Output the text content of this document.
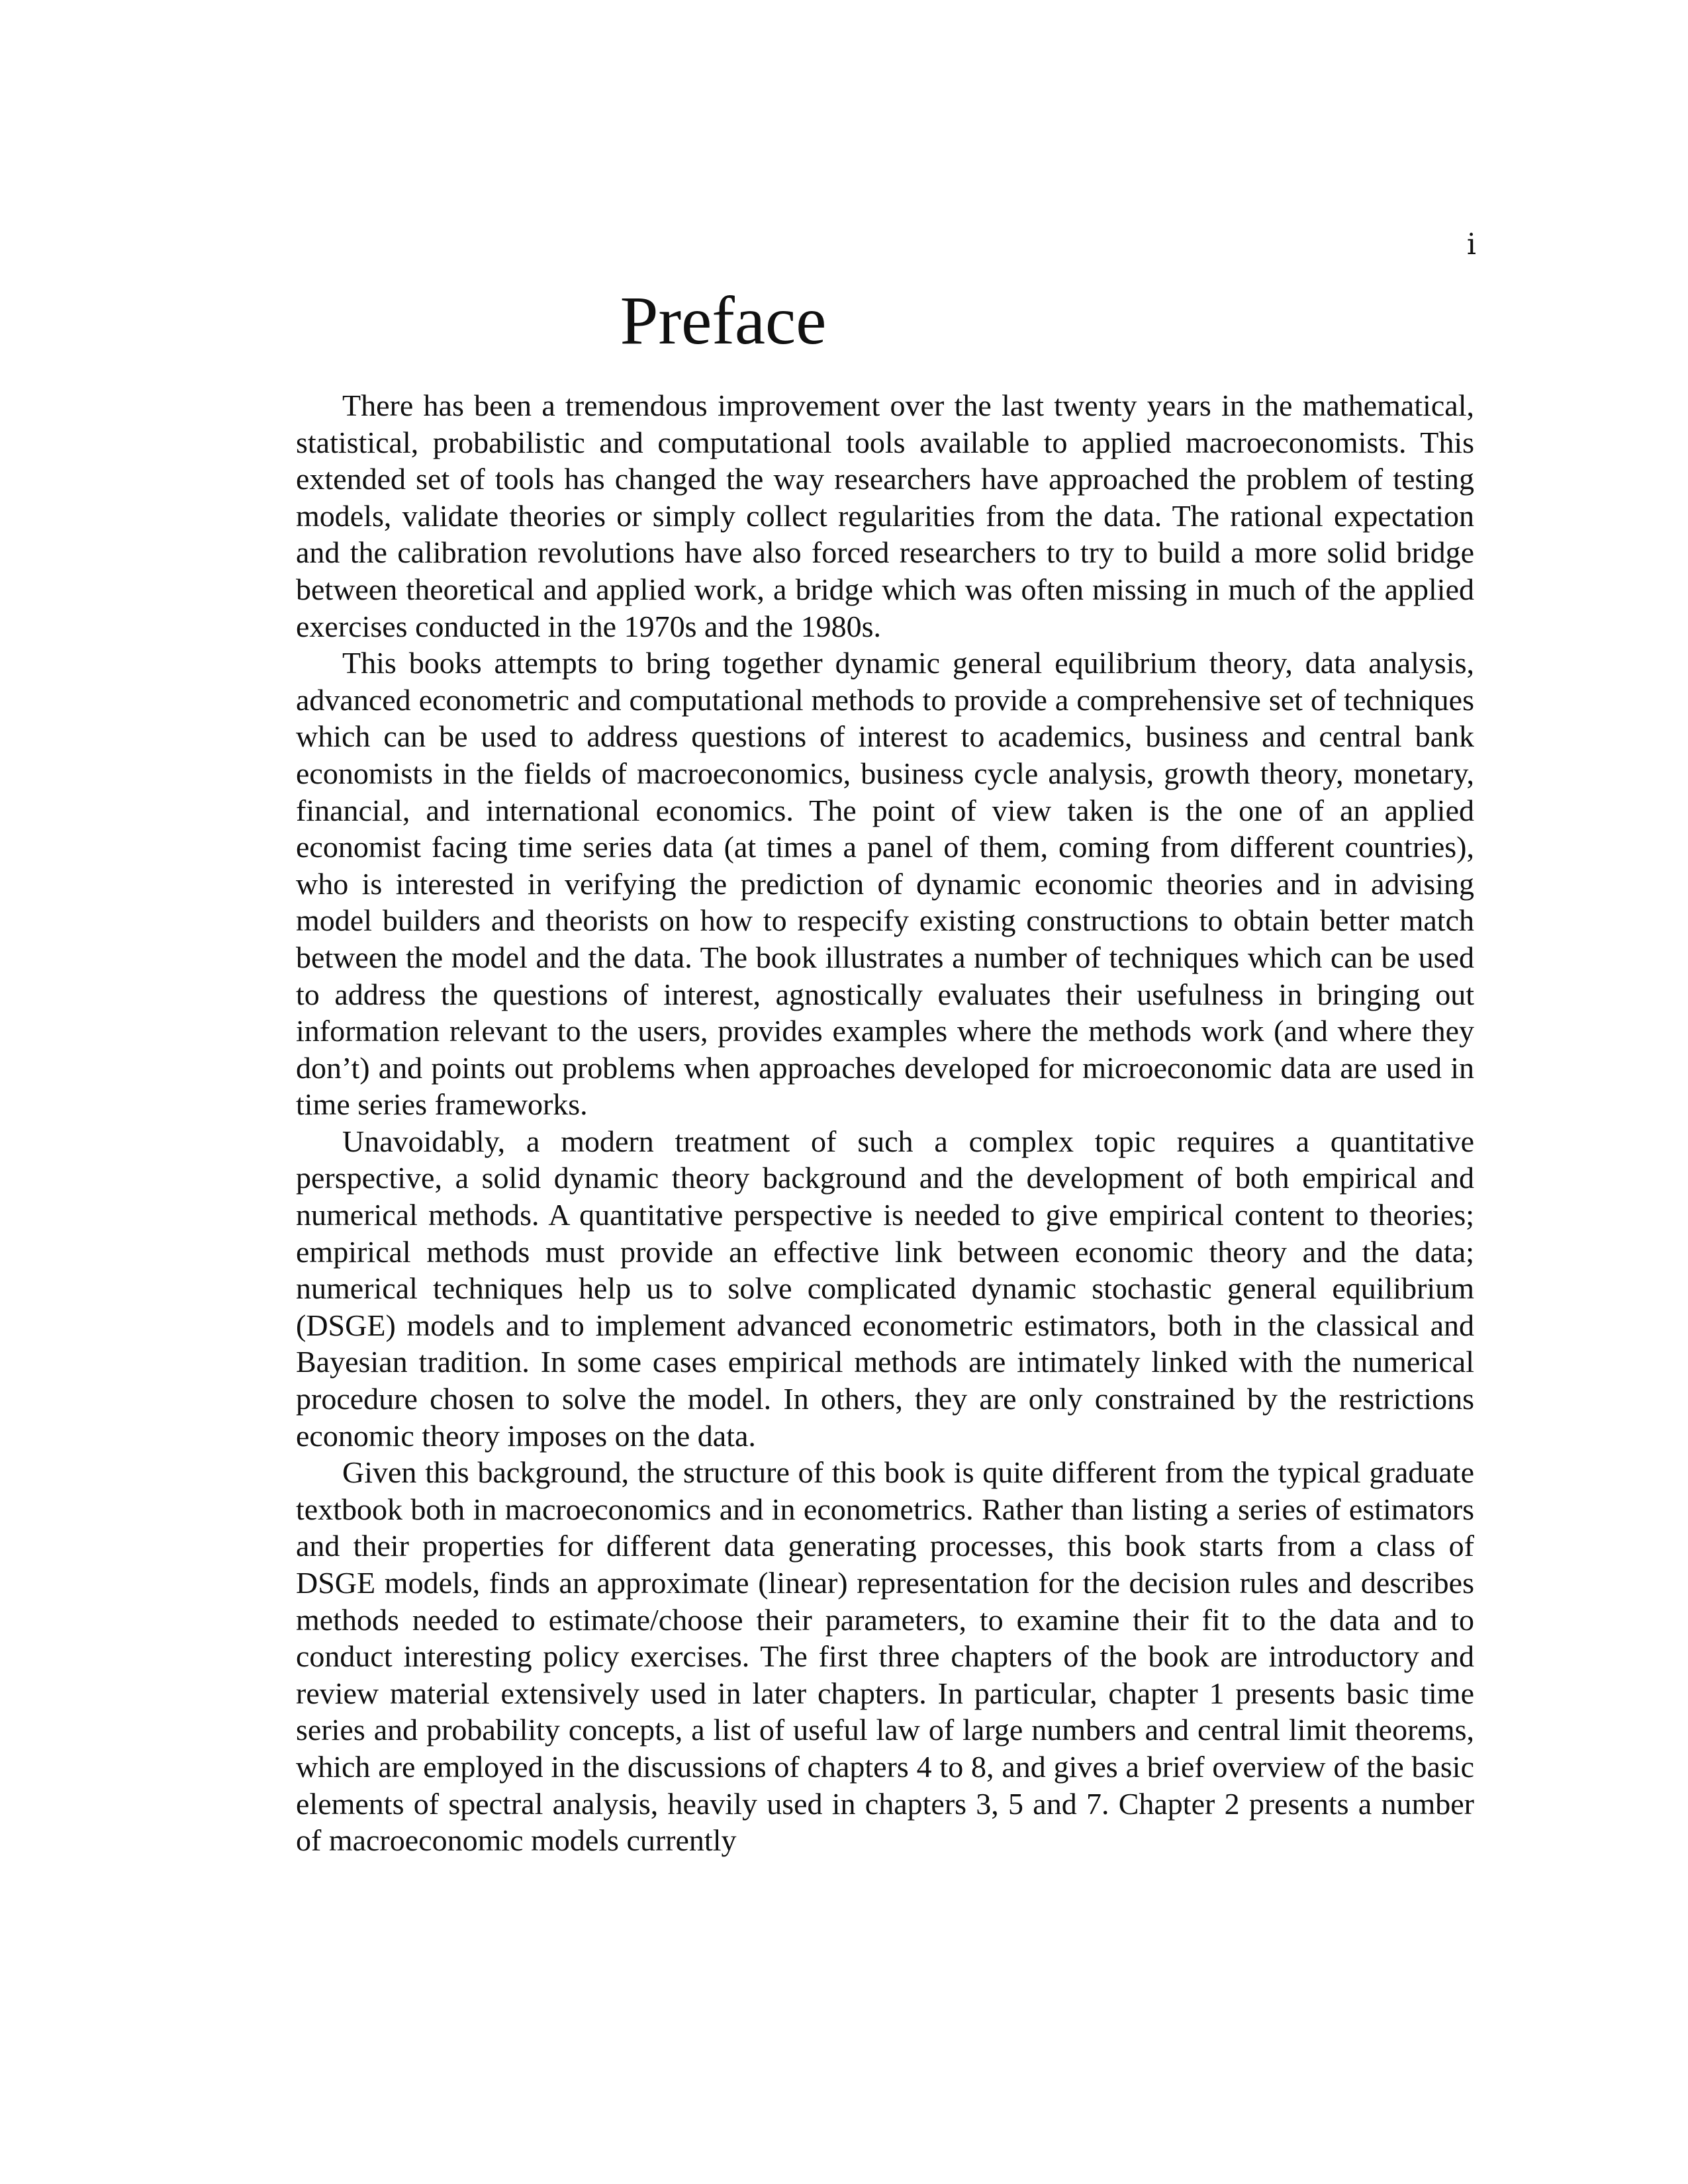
i
Preface

There has been a tremendous improvement over the last twenty years in the mathematical, statistical, probabilistic and computational tools available to applied macroeconomists. This extended set of tools has changed the way researchers have approached the problem of testing models, validate theories or simply collect regularities from the data. The rational expectation and the calibration revolutions have also forced researchers to try to build a more solid bridge between theoretical and applied work, a bridge which was often missing in much of the applied exercises conducted in the 1970s and the 1980s.

This books attempts to bring together dynamic general equilibrium theory, data analysis, advanced econometric and computational methods to provide a comprehensive set of techniques which can be used to address questions of interest to academics, business and central bank economists in the fields of macroeconomics, business cycle analysis, growth theory, monetary, financial, and international economics. The point of view taken is the one of an applied economist facing time series data (at times a panel of them, coming from different countries), who is interested in verifying the prediction of dynamic economic theories and in advising model builders and theorists on how to respecify existing constructions to obtain better match between the model and the data. The book illustrates a number of techniques which can be used to address the questions of interest, agnostically evaluates their usefulness in bringing out information relevant to the users, provides examples where the methods work (and where they don’t) and points out problems when approaches developed for microeconomic data are used in time series frameworks.

Unavoidably, a modern treatment of such a complex topic requires a quantitative perspective, a solid dynamic theory background and the development of both empirical and numerical methods. A quantitative perspective is needed to give empirical content to theories; empirical methods must provide an effective link between economic theory and the data; numerical techniques help us to solve complicated dynamic stochastic general equilibrium (DSGE) models and to implement advanced econometric estimators, both in the classical and Bayesian tradition. In some cases empirical methods are intimately linked with the numerical procedure chosen to solve the model. In others, they are only constrained by the restrictions economic theory imposes on the data.

Given this background, the structure of this book is quite different from the typical graduate textbook both in macroeconomics and in econometrics. Rather than listing a series of estimators and their properties for different data generating processes, this book starts from a class of DSGE models, finds an approximate (linear) representation for the decision rules and describes methods needed to estimate/choose their parameters, to examine their fit to the data and to conduct interesting policy exercises. The first three chapters of the book are introductory and review material extensively used in later chapters. In particular, chapter 1 presents basic time series and probability concepts, a list of useful law of large numbers and central limit theorems, which are employed in the discussions of chapters 4 to 8, and gives a brief overview of the basic elements of spectral analysis, heavily used in chapters 3, 5 and 7. Chapter 2 presents a number of macroeconomic models currently
